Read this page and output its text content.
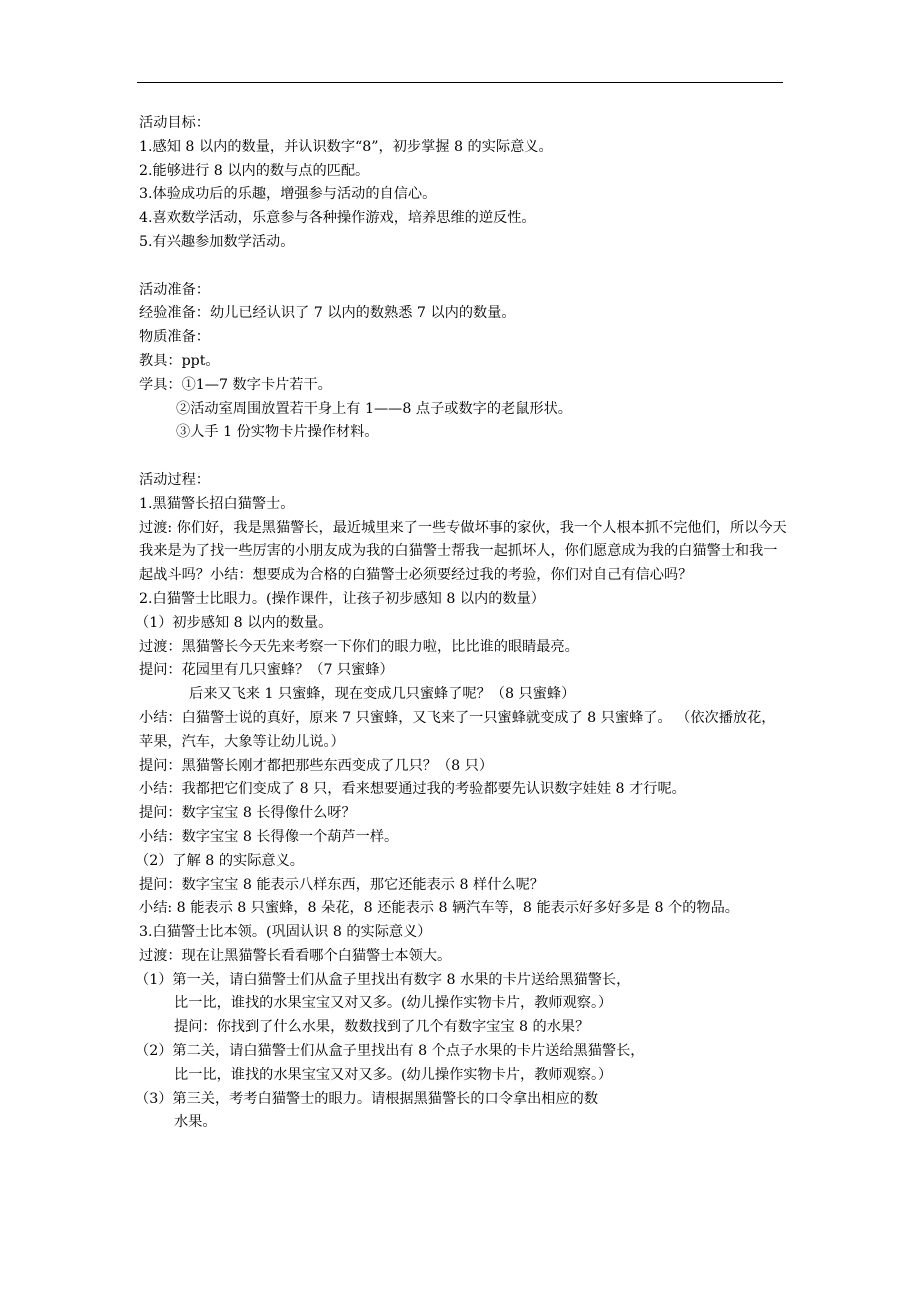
活动目标：
1.感知 8 以内的数量，并认识数字“8”，初步掌握 8 的实际意义。
2.能够进行 8 以内的数与点的匹配。
3.体验成功后的乐趣，增强参与活动的自信心。
4.喜欢数学活动，乐意参与各种操作游戏，培养思维的逆反性。
5.有兴趣参加数学活动。
活动准备：
经验准备：幼儿已经认识了 7 以内的数熟悉 7 以内的数量。
物质准备：
教具：ppt。
学具：①1—7 数字卡片若干。
②活动室周围放置若干身上有 1——8 点子或数字的老鼠形状。
③人手 1 份实物卡片操作材料。
活动过程：
1.黑猫警长招白猫警士。
过渡: 你们好，我是黑猫警长，最近城里来了一些专做坏事的家伙，我一个人根本抓不完他们，所以今天我来是为了找一些厉害的小朋友成为我的白猫警士帮我一起抓坏人，你们愿意成为我的白猫警士和我一起战斗吗？小结：想要成为合格的白猫警士必须要经过我的考验，你们对自己有信心吗？
2.白猫警士比眼力。(操作课件，让孩子初步感知 8 以内的数量）
（1）初步感知 8 以内的数量。
过渡：黑猫警长今天先来考察一下你们的眼力啦，比比谁的眼睛最亮。
提问：花园里有几只蜜蜂？（7 只蜜蜂）
后来又飞来 1 只蜜蜂，现在变成几只蜜蜂了呢？（8 只蜜蜂）
小结：白猫警士说的真好，原来 7 只蜜蜂，又飞来了一只蜜蜂就变成了 8 只蜜蜂了。 （依次播放花，苹果，汽车，大象等让幼儿说。）
提问：黑猫警长刚才都把那些东西变成了几只？（8 只）
小结：我都把它们变成了 8 只，看来想要通过我的考验都要先认识数字娃娃 8 才行呢。
提问：数字宝宝 8 长得像什么呀？
小结：数字宝宝 8 长得像一个葫芦一样。
（2）了解 8 的实际意义。
提问：数字宝宝 8 能表示八样东西，那它还能表示 8 样什么呢？
小结: 8 能表示 8 只蜜蜂，8 朵花，8 还能表示 8 辆汽车等，8 能表示好多好多是 8 个的物品。
3.白猫警士比本领。(巩固认识 8 的实际意义）
过渡：现在让黑猫警长看看哪个白猫警士本领大。
（1）第一关，请白猫警士们从盒子里找出有数字 8 水果的卡片送给黑猫警长，
比一比，谁找的水果宝宝又对又多。(幼儿操作实物卡片，教师观察。）
提问：你找到了什么水果，数数找到了几个有数字宝宝 8 的水果？
（2）第二关，请白猫警士们从盒子里找出有 8 个点子水果的卡片送给黑猫警长，
比一比，谁找的水果宝宝又对又多。(幼儿操作实物卡片，教师观察。）
（3）第三关，考考白猫警士的眼力。请根据黑猫警长的口令拿出相应的数
水果。
